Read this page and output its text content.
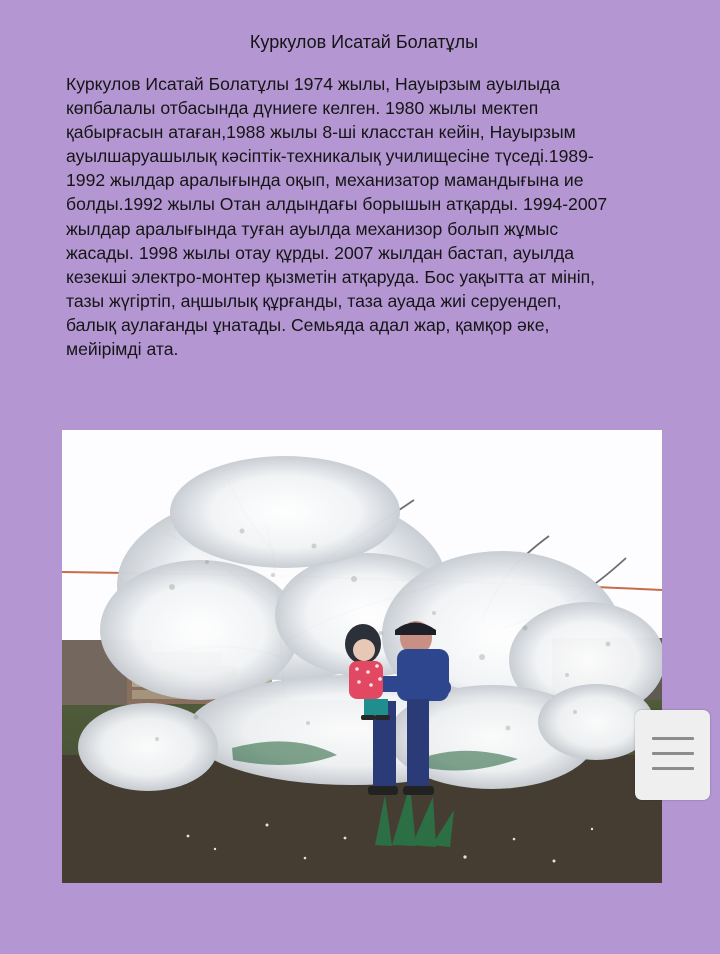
Куркулов Исатай Болатұлы
Куркулов Исатай Болатұлы 1974 жылы, Науырзым ауылыда
көпбалалы отбасында дүниеге келген. 1980 жылы мектеп
қабырғасын атаған,1988 жылы 8-ші класстан кейін, Науырзым
ауылшаруашылық кәсіптік-техникалық училищесіне түседі.1989-
1992 жылдар аралығында оқып, механизатор мамандығына ие
болды.1992 жылы Отан алдындағы борышын атқарды. 1994-2007
жылдар аралығында туған ауылда механизор болып жұмыс
жасады. 1998 жылы отау құрды. 2007 жылдан бастап, ауылда
кезекші электро-монтер қызметін атқаруда. Бос уақытта ат мініп,
тазы жүгіртіп, аңшылық құрғанды, таза ауада жиі серуендеп,
балық аулағанды ұнатады. Семьяда адал жар, қамқор әке,
мейірімді ата.
